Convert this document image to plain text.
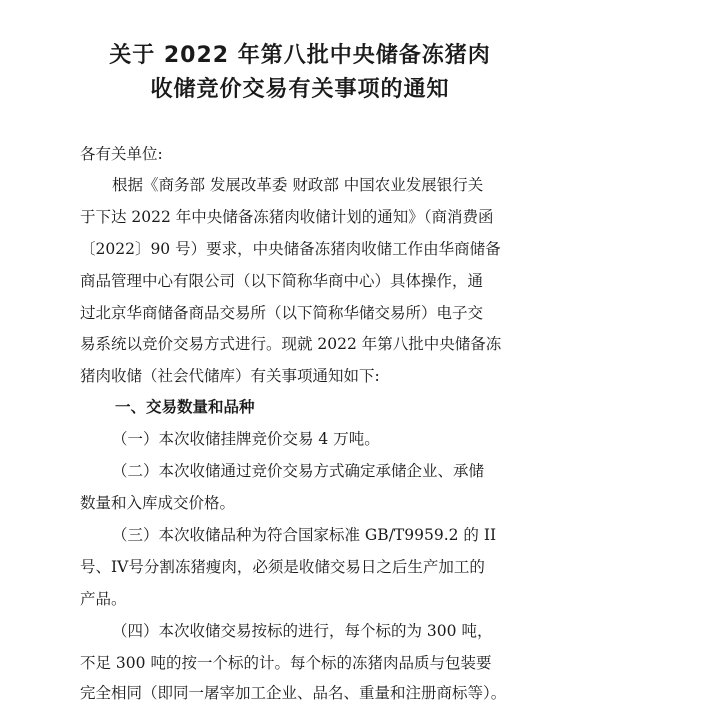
关于 2022 年第八批中央储备冻猪肉
收储竞价交易有关事项的通知
各有关单位:
根据《商务部 发展改革委 财政部 中国农业发展银行关
于下达 2022 年中央储备冻猪肉收储计划的通知》（商消费函
〔2022〕90 号）要求，中央储备冻猪肉收储工作由华商储备
商品管理中心有限公司（以下简称华商中心）具体操作，通
过北京华商储备商品交易所（以下简称华储交易所）电子交
易系统以竞价交易方式进行。现就 2022 年第八批中央储备冻
猪肉收储（社会代储库）有关事项通知如下:
一、交易数量和品种
（一）本次收储挂牌竞价交易 4 万吨。
（二）本次收储通过竞价交易方式确定承储企业、承储
数量和入库成交价格。
（三）本次收储品种为符合国家标准 GB/T9959.2 的 II
号、IV号分割冻猪瘦肉，必须是收储交易日之后生产加工的
产品。
（四）本次收储交易按标的进行，每个标的为 300 吨，
不足 300 吨的按一个标的计。每个标的冻猪肉品质与包装要
完全相同（即同一屠宰加工企业、品名、重量和注册商标等）。
